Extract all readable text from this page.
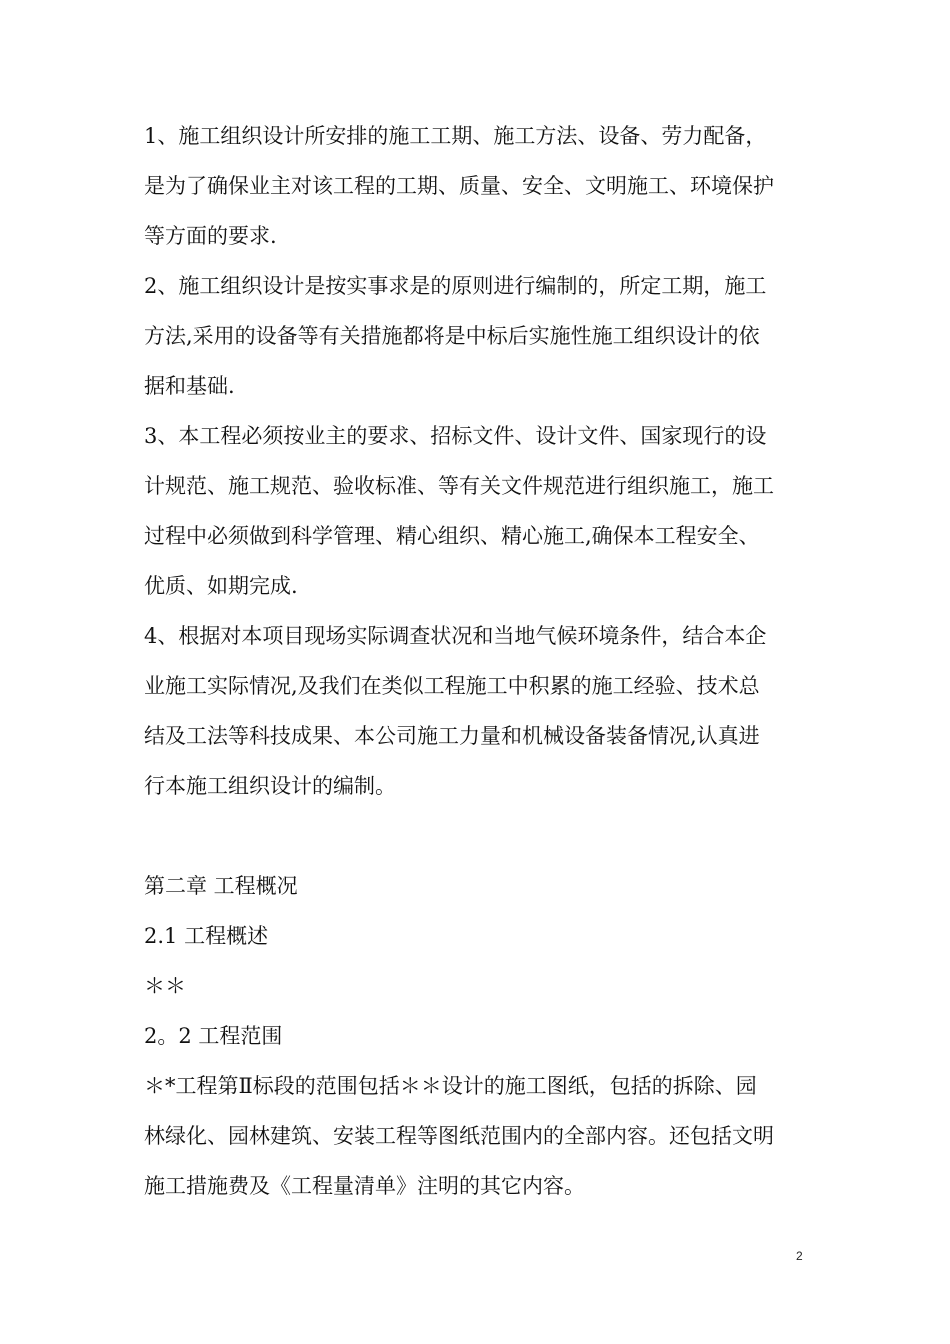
1、施工组织设计所安排的施工工期、施工方法、设备、劳力配备，
是为了确保业主对该工程的工期、质量、安全、文明施工、环境保护
等方面的要求.
2、施工组织设计是按实事求是的原则进行编制的，所定工期，施工
方法,采用的设备等有关措施都将是中标后实施性施工组织设计的依
据和基础.
3、本工程必须按业主的要求、招标文件、设计文件、国家现行的设
计规范、施工规范、验收标准、等有关文件规范进行组织施工，施工
过程中必须做到科学管理、精心组织、精心施工,确保本工程安全、
优质、如期完成.
4、根据对本项目现场实际调查状况和当地气候环境条件，结合本企
业施工实际情况,及我们在类似工程施工中积累的施工经验、技术总
结及工法等科技成果、本公司施工力量和机械设备装备情况,认真进
行本施工组织设计的编制。
第二章 工程概况
2.1 工程概述
＊＊
2。2 工程范围
＊*工程第Ⅱ标段的范围包括＊＊设计的施工图纸，包括的拆除、园
林绿化、园林建筑、安装工程等图纸范围内的全部内容。还包括文明
施工措施费及《工程量清单》注明的其它内容。
2
